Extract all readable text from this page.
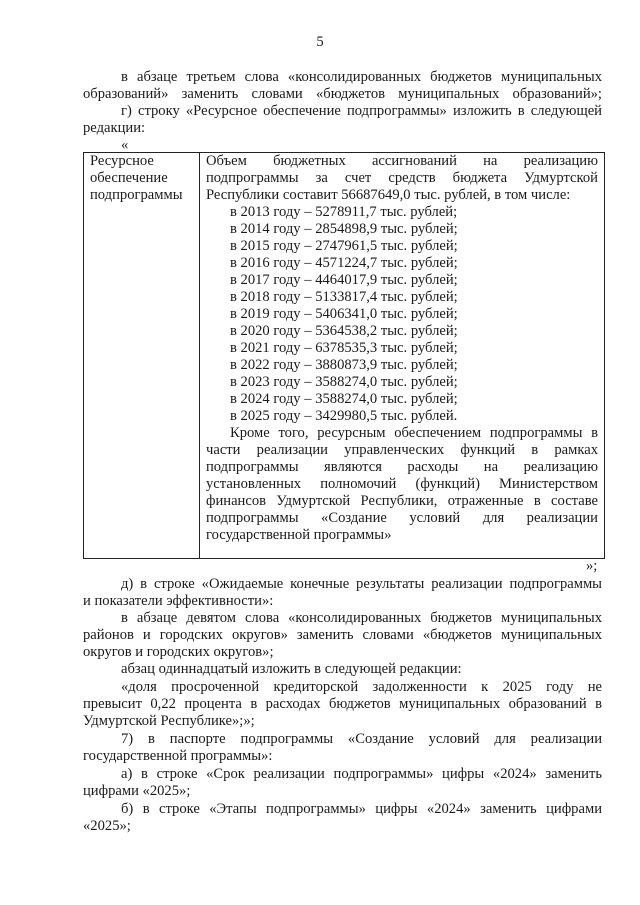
5
в абзаце третьем слова «консолидированных бюджетов муниципальных
образований» заменить словами «бюджетов муниципальных образований»;
г) строку «Ресурсное обеспечение подпрограммы» изложить в следующей
редакции:
«
Ресурсное
обеспечение
подпрограммы
Объем бюджетных ассигнований на реализацию
подпрограммы за счет средств бюджета Удмуртской
Республики составит 56687649,0 тыс. рублей, в том числе:
в 2013 году – 5278911,7 тыс. рублей;
в 2014 году – 2854898,9 тыс. рублей;
в 2015 году – 2747961,5 тыс. рублей;
в 2016 году – 4571224,7 тыс. рублей;
в 2017 году – 4464017,9 тыс. рублей;
в 2018 году – 5133817,4 тыс. рублей;
в 2019 году – 5406341,0 тыс. рублей;
в 2020 году – 5364538,2 тыс. рублей;
в 2021 году – 6378535,3 тыс. рублей;
в 2022 году – 3880873,9 тыс. рублей;
в 2023 году – 3588274,0 тыс. рублей;
в 2024 году – 3588274,0 тыс. рублей;
в 2025 году – 3429980,5 тыс. рублей.
Кроме того, ресурсным обеспечением подпрограммы в
части реализации управленческих функций в рамках
подпрограммы являются расходы на реализацию
установленных полномочий (функций) Министерством
финансов Удмуртской Республики, отраженные в составе
подпрограммы «Создание условий для реализации
государственной программы»
»;
д) в строке «Ожидаемые конечные результаты реализации подпрограммы
и показатели эффективности»:
в абзаце девятом слова «консолидированных бюджетов муниципальных
районов и городских округов» заменить словами «бюджетов муниципальных
округов и городских округов»;
абзац одиннадцатый изложить в следующей редакции:
«доля просроченной кредиторской задолженности к 2025 году не
превысит 0,22 процента в расходах бюджетов муниципальных образований в
Удмуртской Республике»;»;
7) в паспорте подпрограммы «Создание условий для реализации
государственной программы»:
а) в строке «Срок реализации подпрограммы» цифры «2024» заменить
цифрами «2025»;
б) в строке «Этапы подпрограммы» цифры «2024» заменить цифрами
«2025»;
